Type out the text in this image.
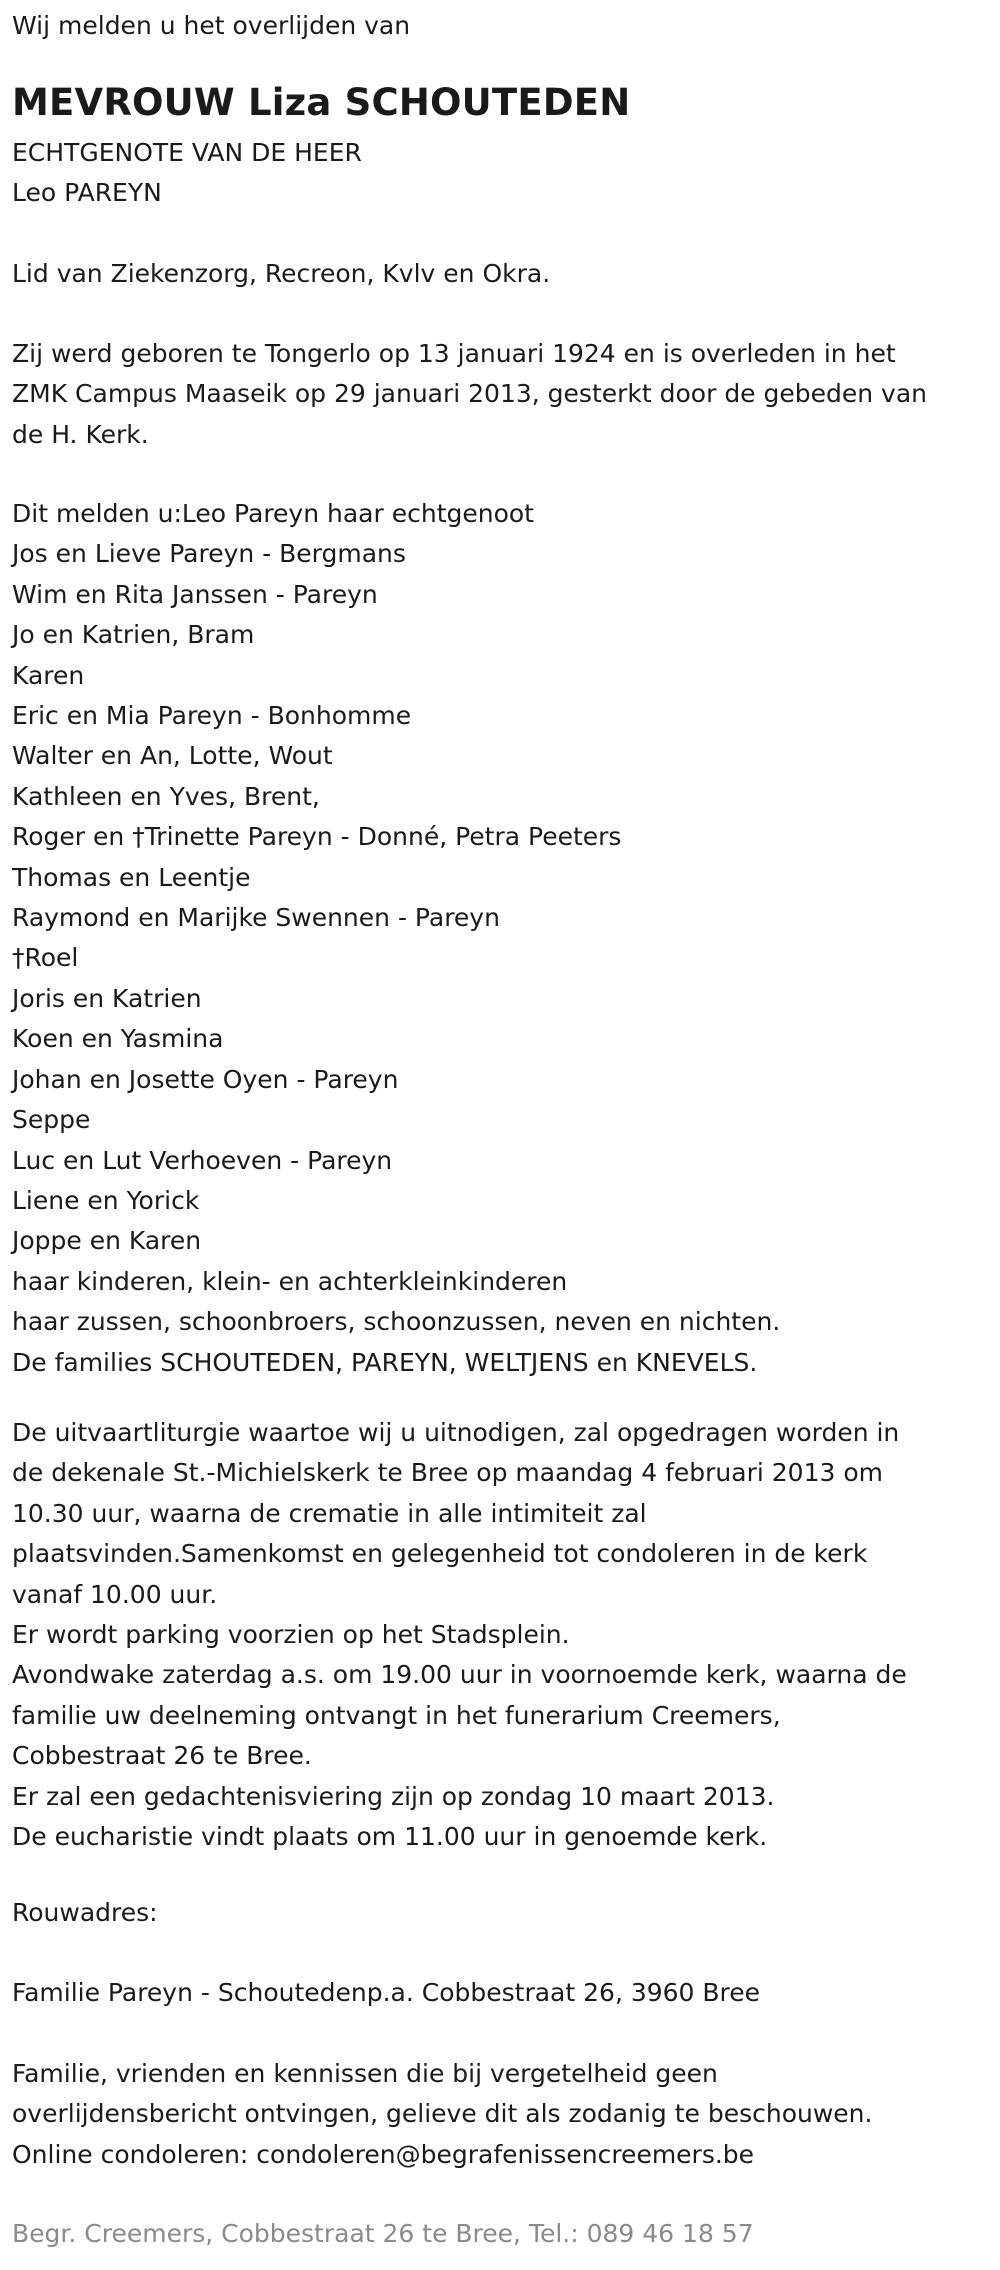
Wij melden u het overlijden van
MEVROUW Liza SCHOUTEDEN
ECHTGENOTE VAN DE HEER
Leo PAREYN
Lid van Ziekenzorg, Recreon, Kvlv en Okra.
Zij werd geboren te Tongerlo op 13 januari 1924 en is overleden in het
ZMK Campus Maaseik op 29 januari 2013, gesterkt door de gebeden van
de H. Kerk.
Dit melden u:Leo Pareyn haar echtgenoot
Jos en Lieve Pareyn - Bergmans
Wim en Rita Janssen - Pareyn
Jo en Katrien, Bram
Karen
Eric en Mia Pareyn - Bonhomme
Walter en An, Lotte, Wout
Kathleen en Yves, Brent,
Roger en †Trinette Pareyn - Donné, Petra Peeters
Thomas en Leentje
Raymond en Marijke Swennen - Pareyn
†Roel
Joris en Katrien
Koen en Yasmina
Johan en Josette Oyen - Pareyn
Seppe
Luc en Lut Verhoeven - Pareyn
Liene en Yorick
Joppe en Karen
haar kinderen, klein- en achterkleinkinderen
haar zussen, schoonbroers, schoonzussen, neven en nichten.
De families SCHOUTEDEN, PAREYN, WELTJENS en KNEVELS.
De uitvaartliturgie waartoe wij u uitnodigen, zal opgedragen worden in
de dekenale St.-Michielskerk te Bree op maandag 4 februari 2013 om
10.30 uur, waarna de crematie in alle intimiteit zal
plaatsvinden.Samenkomst en gelegenheid tot condoleren in de kerk
vanaf 10.00 uur.
Er wordt parking voorzien op het Stadsplein.
Avondwake zaterdag a.s. om 19.00 uur in voornoemde kerk, waarna de
familie uw deelneming ontvangt in het funerarium Creemers,
Cobbestraat 26 te Bree.
Er zal een gedachtenisviering zijn op zondag 10 maart 2013.
De eucharistie vindt plaats om 11.00 uur in genoemde kerk.
Rouwadres:
Familie Pareyn - Schoutedenp.a. Cobbestraat 26, 3960 Bree
Familie, vrienden en kennissen die bij vergetelheid geen
overlijdensbericht ontvingen, gelieve dit als zodanig te beschouwen.
Online condoleren: condoleren@begrafenissencreemers.be
Begr. Creemers, Cobbestraat 26 te Bree, Tel.: 089 46 18 57
